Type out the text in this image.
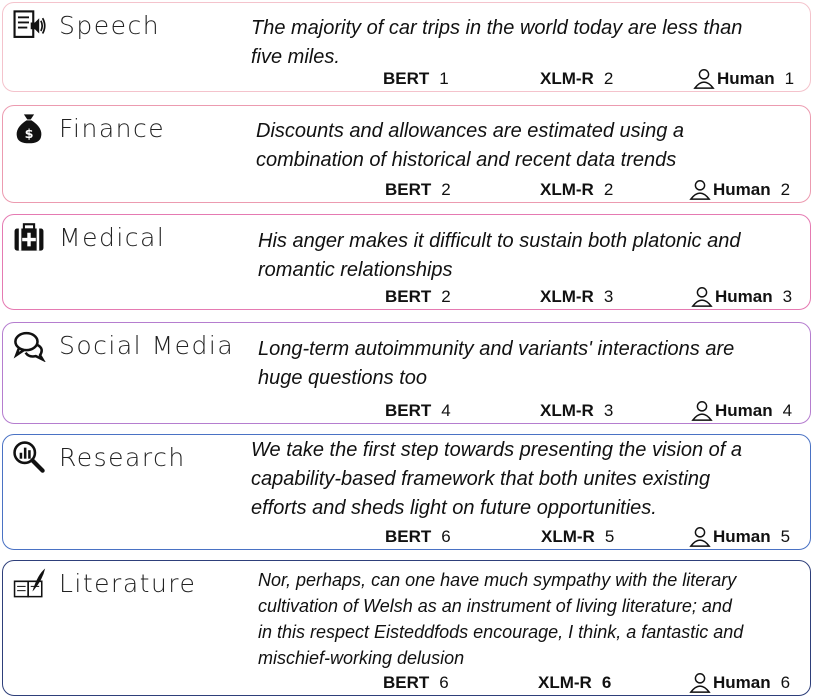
Speech	The majority of car trips in the world today are less than
five miles.
BERT 1	XLM-R 2	Human 1
$ Finance	Discounts and allowances are estimated using a
combination of historical and recent data trends
BERT 2	XLM-R 2	Human 2
Medical	His anger makes it difficult to sustain both platonic and
romantic relationships
BERT 2	XLM-R 3	Human 3
Social Media Long-term autoimmunity and variants' interactions are
huge questions too
BERT 4	XLM-R 3	Human 4
Research	We take the first step towards presenting the vision of a
capability-based framework that both unites existing
efforts and sheds light on future opportunities.
BERT 6	XLM-R 5	Human 5
Literature	Nor, perhaps, can one have much sympathy with the literary
cultivation of Welsh as an instrument of living literature; and
in this respect Eisteddfods encourage, I think, a fantastic and
mischief-working delusion
BERT 6	XLM-R 6	Human 6
